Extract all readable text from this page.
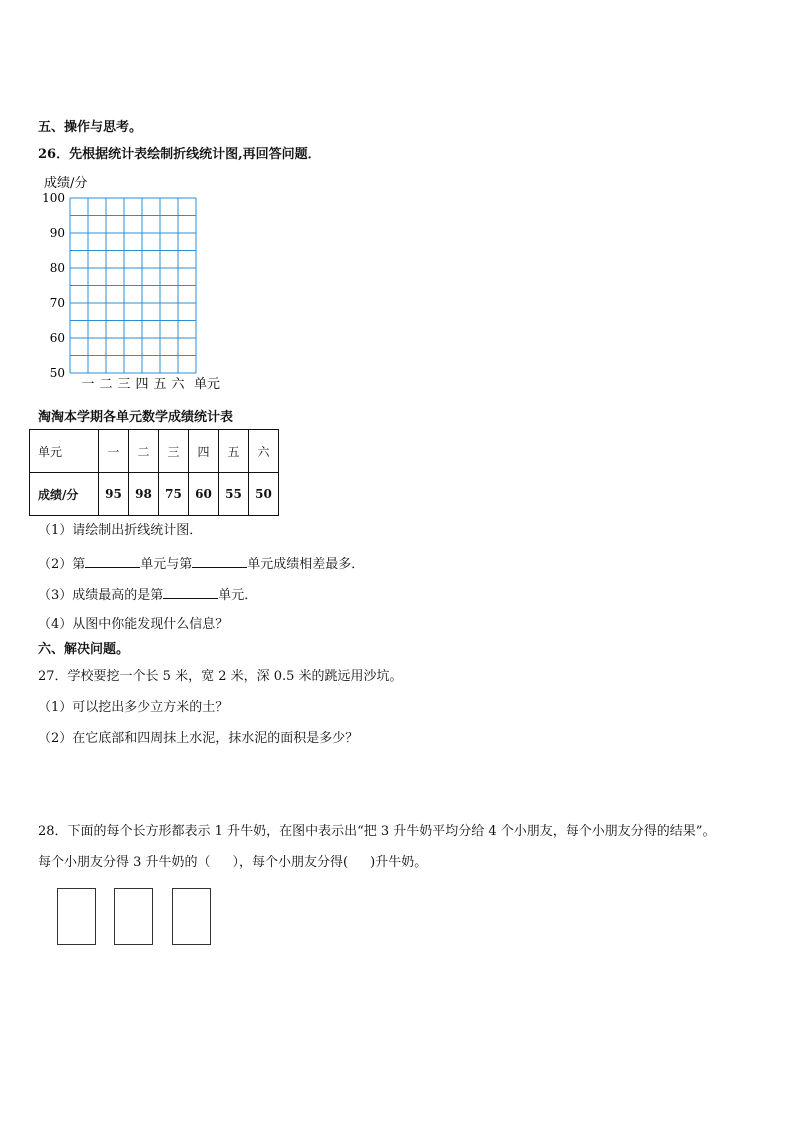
五、操作与思考。
26．先根据统计表绘制折线统计图,再回答问题．
成绩/分
100
90
80
70
60
50
一 二 三 四 五 六 单元
淘淘本学期各单元数学成绩统计表
单元	一	二	三	四	五	六
成绩/分	95	98	75	60	55	50
（1）请绘制出折线统计图．
（2）第	单元与第	单元成绩相差最多．
（3）成绩最高的是第	单元．
（4）从图中你能发现什么信息？
六、解决问题。
27．学校要挖一个长 5 米，宽 2 米，深 0.5 米的跳远用沙坑。
（1）可以挖出多少立方米的土？
（2）在它底部和四周抹上水泥，抹水泥的面积是多少？
28．下面的每个长方形都表示 1 升牛奶，在图中表示出“把 3 升牛奶平均分给 4 个小朋友，每个小朋友分得的结果”。
每个小朋友分得 3 升牛奶的（ ），每个小朋友分得( )升牛奶。
